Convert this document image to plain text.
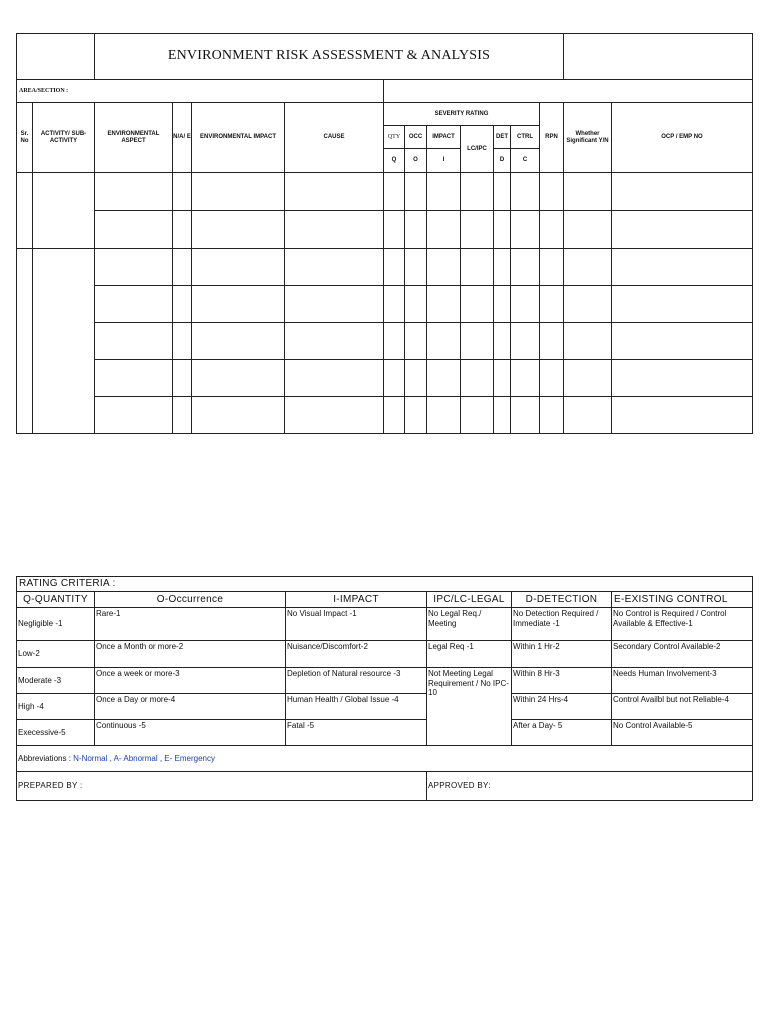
		ENVIRONMENT RISK ASSESSMENT & ANALYSIS												
AREA/SECTION :														
Sr. No	ACTIVITY/ SUB-ACTIVITY	ENVIRONMENTAL ASPECT	N/A/ E	ENVIRONMENTAL IMPACT	CAUSE	SEVERITY RATING						RPN	Whether Significant Y/N	OCP / EMP NO
						QTY	OCC	IMPACT	LC/IPC	DET	CTRL			
						Q	O	I		D	C			

RATING CRITERIA :					
Q-QUANTITY	O-Occurrence	I-IMPACT	IPC/LC-LEGAL	D-DETECTION	E-EXISTING CONTROL
Negligible -1	Rare-1	No Visual Impact -1	No Legal Req./ Meeting	No Detection Required / Immediate -1	No Control is Required / Control Available & Effective-1
Low-2	Once a Month or more-2	Nuisance/Discomfort-2	Legal Req -1	Within 1 Hr-2	Secondary Control Available-2
Moderate -3	Once a week or more-3	Depletion of Natural resource -3	Not Meeting Legal Requirement / No IPC-10	Within 8 Hr-3	Needs Human Involvement-3
High -4	Once a Day or more-4	Human Health / Global Issue -4		Within 24 Hrs-4	Control Availbl but not Reliable-4
Execessive-5	Continuous -5	Fatal -5		After a Day- 5	No Control Available-5
Abbreviations : N-Normal , A- Abnormal , E- Emergency					
PREPARED BY :			APPROVED BY:		
